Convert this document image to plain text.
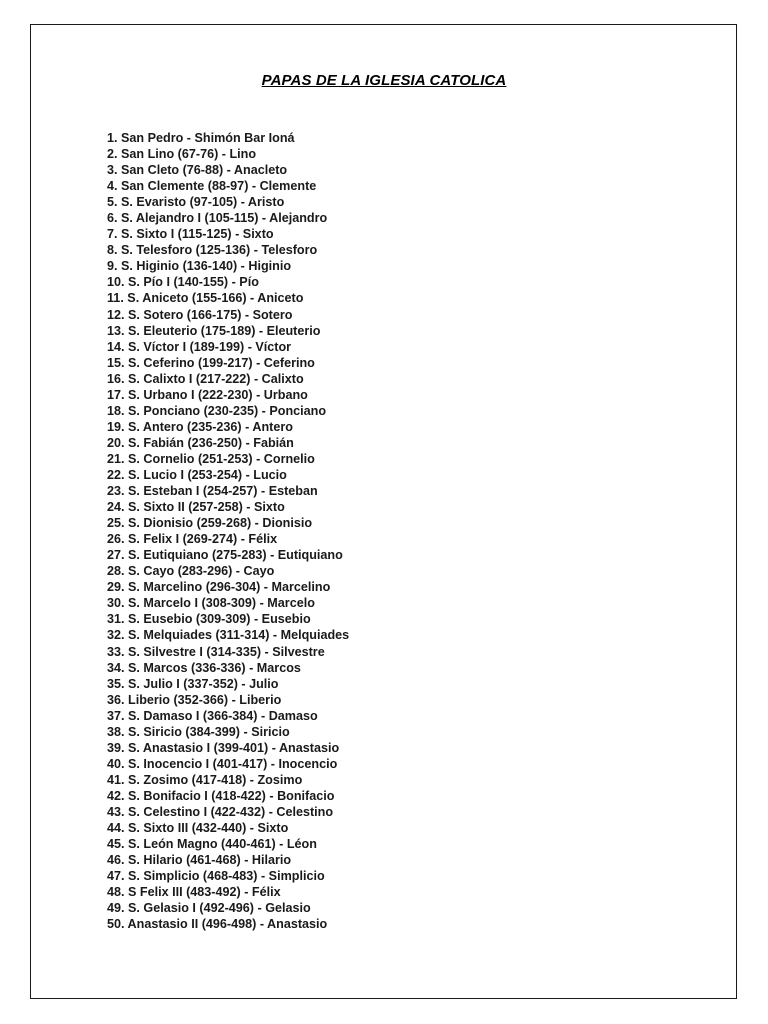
PAPAS DE LA IGLESIA CATOLICA
1. San Pedro - Shimón Bar Ioná
2. San Lino (67-76) - Lino
3. San Cleto (76-88) - Anacleto
4. San Clemente (88-97) - Clemente
5. S. Evaristo (97-105) - Aristo
6. S. Alejandro I (105-115) - Alejandro
7. S. Sixto I (115-125) - Sixto
8. S. Telesforo (125-136) - Telesforo
9. S. Higinio (136-140) - Higinio
10. S. Pío I (140-155) - Pío
11. S. Aniceto (155-166) - Aniceto
12. S. Sotero (166-175) - Sotero
13. S. Eleuterio (175-189) - Eleuterio
14. S. Víctor I (189-199) - Víctor
15. S. Ceferino (199-217) - Ceferino
16. S. Calixto I (217-222) - Calixto
17. S. Urbano I (222-230) - Urbano
18. S. Ponciano (230-235) - Ponciano
19. S. Antero (235-236) - Antero
20. S. Fabián (236-250) - Fabián
21. S. Cornelio (251-253) - Cornelio
22. S. Lucio I (253-254) - Lucio
23. S. Esteban I (254-257) - Esteban
24. S. Sixto II (257-258) - Sixto
25. S. Dionisio (259-268) - Dionisio
26. S. Felix I (269-274) - Félix
27. S. Eutiquiano (275-283) - Eutiquiano
28. S. Cayo (283-296) - Cayo
29. S. Marcelino (296-304) - Marcelino
30. S. Marcelo I (308-309) - Marcelo
31. S. Eusebio (309-309) - Eusebio
32. S. Melquiades (311-314) - Melquiades
33. S. Silvestre I (314-335) - Silvestre
34. S. Marcos (336-336) - Marcos
35. S. Julio I (337-352) - Julio
36. Liberio (352-366) - Liberio
37. S. Damaso I (366-384) - Damaso
38. S. Siricio (384-399) - Siricio
39. S. Anastasio I (399-401) - Anastasio
40. S. Inocencio I (401-417) - Inocencio
41. S. Zosimo (417-418) - Zosimo
42. S. Bonifacio I (418-422) - Bonifacio
43. S. Celestino I (422-432) - Celestino
44. S. Sixto III (432-440) - Sixto
45. S. León Magno (440-461) - Léon
46. S. Hilario (461-468) - Hilario
47. S. Simplicio (468-483) - Simplicio
48. S Felix III (483-492) - Félix
49. S. Gelasio I (492-496) - Gelasio
50. Anastasio II (496-498) - Anastasio
